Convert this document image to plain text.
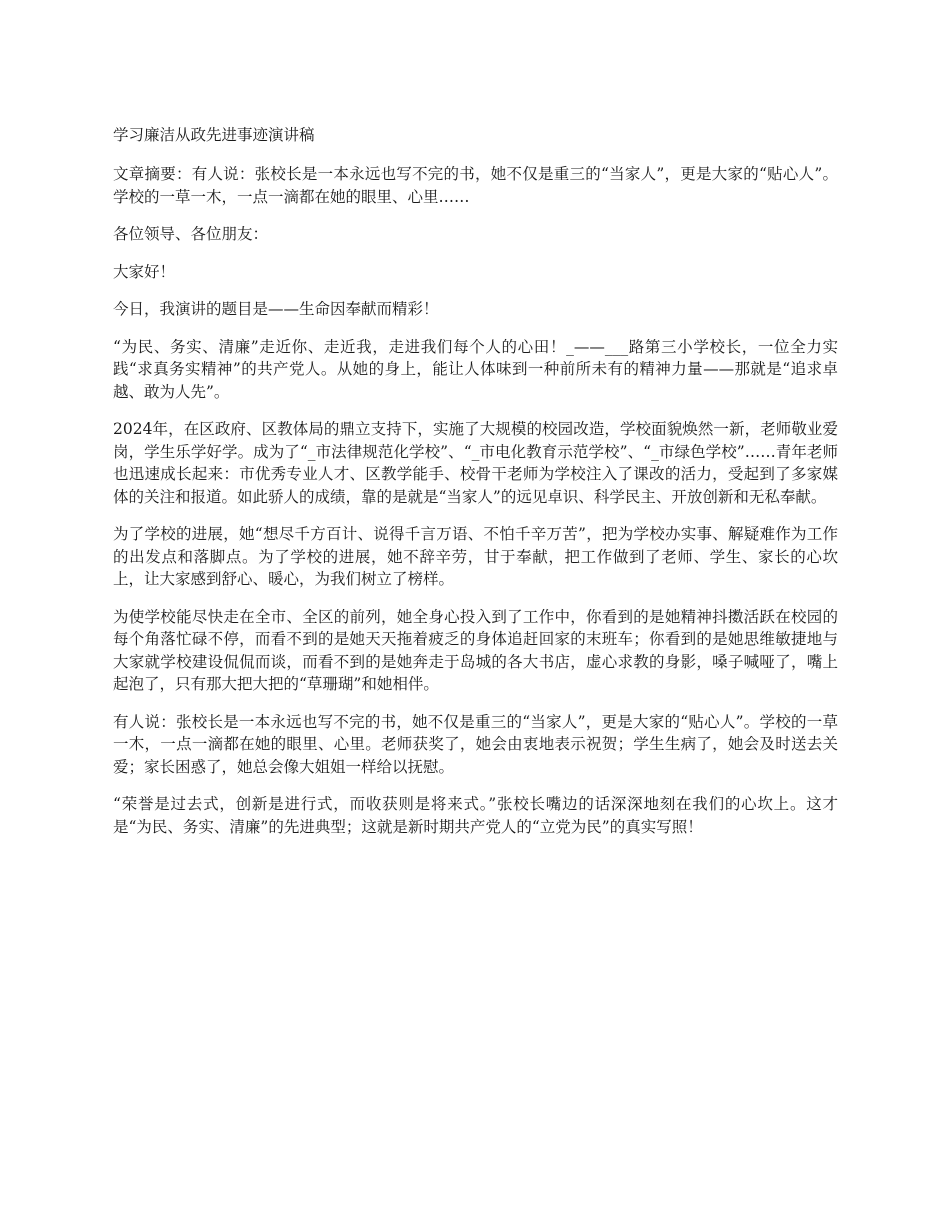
学习廉洁从政先进事迹演讲稿

文章摘要：有人说：张校长是一本永远也写不完的书，她不仅是重三的“当家人”，更是大家的“贴心人”。学校的一草一木，一点一滴都在她的眼里、心里……

各位领导、各位朋友：

大家好！

今日，我演讲的题目是——生命因奉献而精彩！

“为民、务实、清廉”走近你、走近我，走进我们每个人的心田！_——___路第三小学校长，一位全力实践“求真务实精神”的共产党人。从她的身上，能让人体味到一种前所未有的精神力量——那就是“追求卓越、敢为人先”。

2024年，在区政府、区教体局的鼎立支持下，实施了大规模的校园改造，学校面貌焕然一新，老师敬业爱岗，学生乐学好学。成为了“_市法律规范化学校”、“_市电化教育示范学校”、“_市绿色学校”……青年老师也迅速成长起来：市优秀专业人才、区教学能手、校骨干老师为学校注入了课改的活力，受起到了多家媒体的关注和报道。如此骄人的成绩，靠的是就是“当家人”的远见卓识、科学民主、开放创新和无私奉献。

为了学校的进展，她“想尽千方百计、说得千言万语、不怕千辛万苦”，把为学校办实事、解疑难作为工作的出发点和落脚点。为了学校的进展，她不辞辛劳，甘于奉献，把工作做到了老师、学生、家长的心坎上，让大家感到舒心、暖心，为我们树立了榜样。

为使学校能尽快走在全市、全区的前列，她全身心投入到了工作中，你看到的是她精神抖擞活跃在校园的每个角落忙碌不停，而看不到的是她天天拖着疲乏的身体追赶回家的末班车；你看到的是她思维敏捷地与大家就学校建设侃侃而谈，而看不到的是她奔走于岛城的各大书店，虚心求教的身影，嗓子喊哑了，嘴上起泡了，只有那大把大把的“草珊瑚”和她相伴。

有人说：张校长是一本永远也写不完的书，她不仅是重三的“当家人”，更是大家的“贴心人”。学校的一草一木，一点一滴都在她的眼里、心里。老师获奖了，她会由衷地表示祝贺；学生生病了，她会及时送去关爱；家长困惑了，她总会像大姐姐一样给以抚慰。

“荣誉是过去式，创新是进行式，而收获则是将来式。”张校长嘴边的话深深地刻在我们的心坎上。这才是“为民、务实、清廉”的先进典型；这就是新时期共产党人的“立党为民”的真实写照！
